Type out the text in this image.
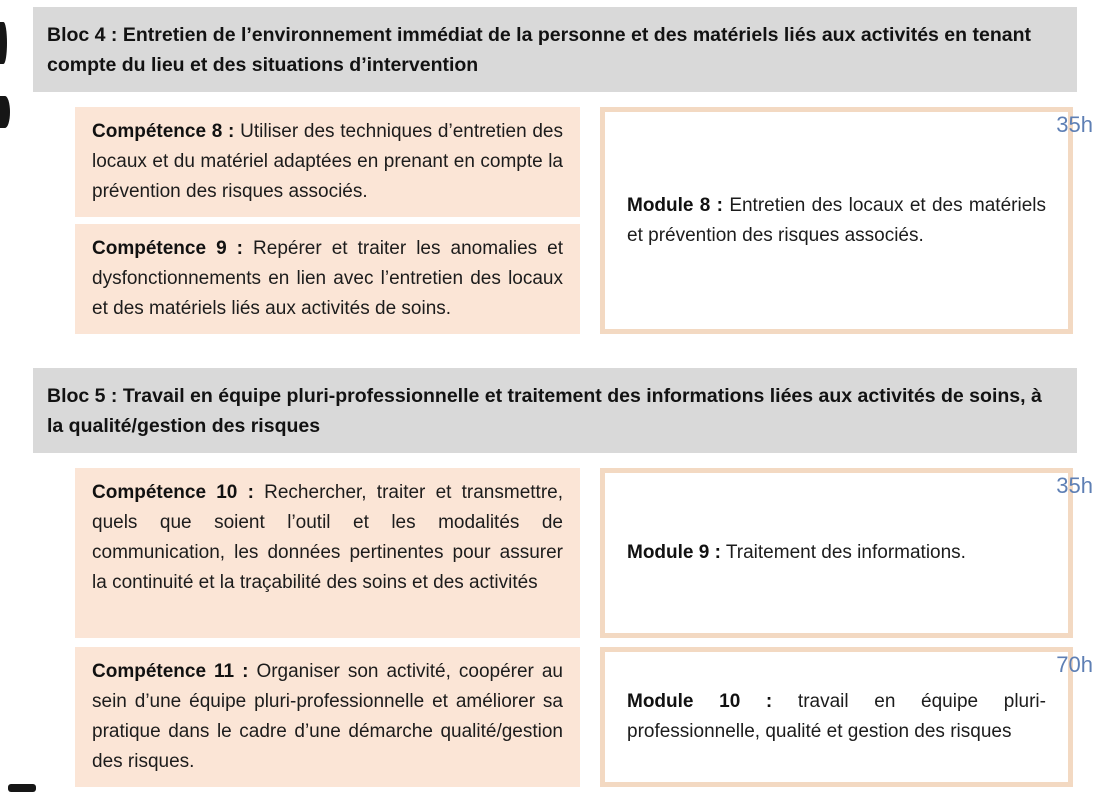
Bloc 4 : Entretien de l’environnement immédiat de la personne et des matériels liés aux activités en tenant compte du lieu et des situations d’intervention

Compétence 8 : Utiliser des techniques d’entretien des locaux et du matériel adaptées en prenant en compte la prévention des risques associés.

Compétence 9 : Repérer et traiter les anomalies et dysfonctionnements en lien avec l’entretien des locaux et des matériels liés aux activités de soins.

35h

Module 8 : Entretien des locaux et des matériels et prévention des risques associés.

Bloc 5 : Travail en équipe pluri-professionnelle et traitement des informations liées aux activités de soins, à la qualité/gestion des risques

Compétence 10 : Rechercher, traiter et transmettre, quels que soient l’outil et les modalités de communication, les données pertinentes pour assurer la continuité et la traçabilité des soins et des activités

35h

Module 9 : Traitement des informations.

Compétence 11 : Organiser son activité, coopérer au sein d’une équipe pluri-professionnelle et améliorer sa pratique dans le cadre d’une démarche qualité/gestion des risques.

70h

Module 10 : travail en équipe pluri-professionnelle, qualité et gestion des risques
